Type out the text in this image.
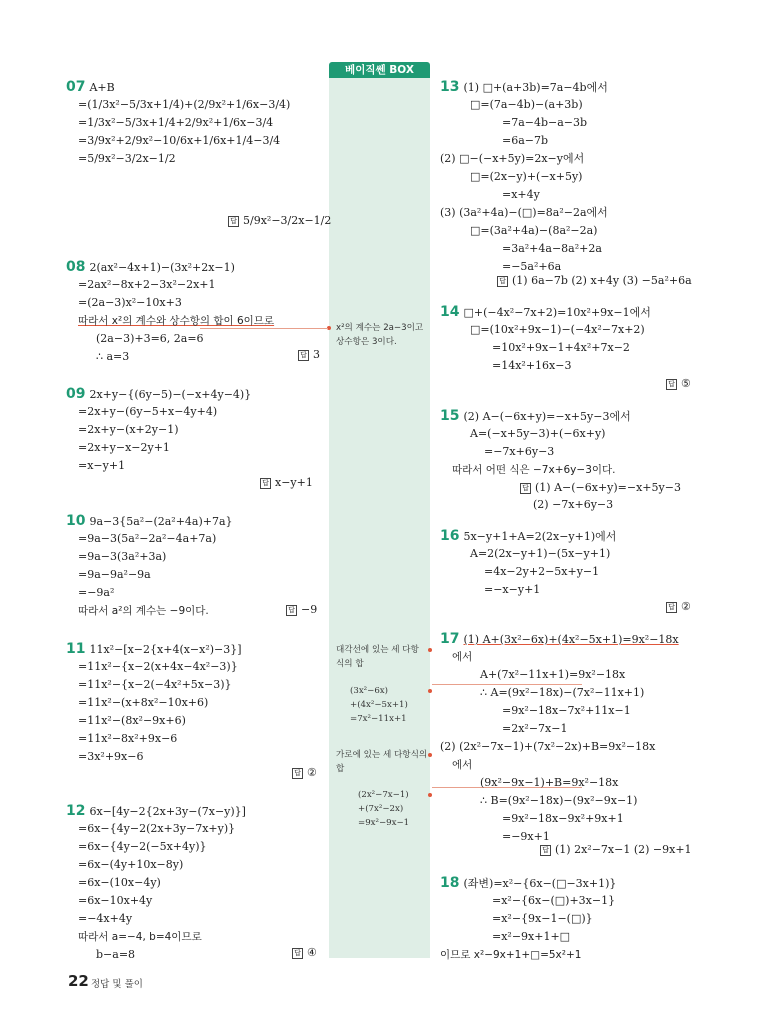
베이직쎈 BOX
x²의 계수는 2a−3이고
상수항은 3이다.
대각선에 있는 세 다항
식의 합
(3x²−6x)
+(4x²−5x+1)
=7x²−11x+1
가로에 있는 세 다항식의
합
(2x²−7x−1)
+(7x²−2x)
=9x²−9x−1
07 A+B
=(1/3x²−5/3x+1/4)+(2/9x²+1/6x−3/4)
=1/3x²−5/3x+1/4+2/9x²+1/6x−3/4
=3/9x²+2/9x²−10/6x+1/6x+1/4−3/4
=5/9x²−3/2x−1/2
답 5/9x²−3/2x−1/2
08 2(ax²−4x+1)−(3x²+2x−1)
=2ax²−8x+2−3x²−2x+1
=(2a−3)x²−10x+3
따라서 x²의 계수와 상수항의 합이 6이므로
(2a−3)+3=6, 2a=6
∴ a=3	답 3
09 2x+y−{(6y−5)−(−x+4y−4)}
=2x+y−(6y−5+x−4y+4)
=2x+y−(x+2y−1)
=2x+y−x−2y+1
=x−y+1
답 x−y+1
10 9a−3{5a²−(2a²+4a)+7a}
=9a−3(5a²−2a²−4a+7a)
=9a−3(3a²+3a)
=9a−9a²−9a
=−9a²
따라서 a²의 계수는 −9이다.	답 −9
11 11x²−[x−2{x+4(x−x²)−3}]
=11x²−{x−2(x+4x−4x²−3)}
=11x²−{x−2(−4x²+5x−3)}
=11x²−(x+8x²−10x+6)
=11x²−(8x²−9x+6)
=11x²−8x²+9x−6
=3x²+9x−6
답 ②
12 6x−[4y−2{2x+3y−(7x−y)}]
=6x−{4y−2(2x+3y−7x+y)}
=6x−{4y−2(−5x+4y)}
=6x−(4y+10x−8y)
=6x−(10x−4y)
=6x−10x+4y
=−4x+4y
따라서 a=−4, b=4이므로
b−a=8	답 ④
13 (1) □+(a+3b)=7a−4b에서
□=(7a−4b)−(a+3b)
=7a−4b−a−3b
=6a−7b
(2) □−(−x+5y)=2x−y에서
□=(2x−y)+(−x+5y)
=x+4y
(3) (3a²+4a)−(□)=8a²−2a에서
□=(3a²+4a)−(8a²−2a)
=3a²+4a−8a²+2a
=−5a²+6a
답 (1) 6a−7b (2) x+4y (3) −5a²+6a
14 □+(−4x²−7x+2)=10x²+9x−1에서
□=(10x²+9x−1)−(−4x²−7x+2)
=10x²+9x−1+4x²+7x−2
=14x²+16x−3
답 ⑤
15 (2) A−(−6x+y)=−x+5y−3에서
A=(−x+5y−3)+(−6x+y)
=−7x+6y−3
따라서 어떤 식은 −7x+6y−3이다.
답 (1) A−(−6x+y)=−x+5y−3
(2) −7x+6y−3
16 5x−y+1+A=2(2x−y+1)에서
A=2(2x−y+1)−(5x−y+1)
=4x−2y+2−5x+y−1
=−x−y+1
답 ②
17 (1) A+(3x²−6x)+(4x²−5x+1)=9x²−18x
에서
A+(7x²−11x+1)=9x²−18x
∴ A=(9x²−18x)−(7x²−11x+1)
=9x²−18x−7x²+11x−1
=2x²−7x−1
(2) (2x²−7x−1)+(7x²−2x)+B=9x²−18x
에서
(9x²−9x−1)+B=9x²−18x
∴ B=(9x²−18x)−(9x²−9x−1)
=9x²−18x−9x²+9x+1
=−9x+1
답 (1) 2x²−7x−1 (2) −9x+1
18 (좌변)=x²−{6x−(□−3x+1)}
=x²−{6x−(□)+3x−1}
=x²−{9x−1−(□)}
=x²−9x+1+□
이므로 x²−9x+1+□=5x²+1
22 정답 및 풀이
